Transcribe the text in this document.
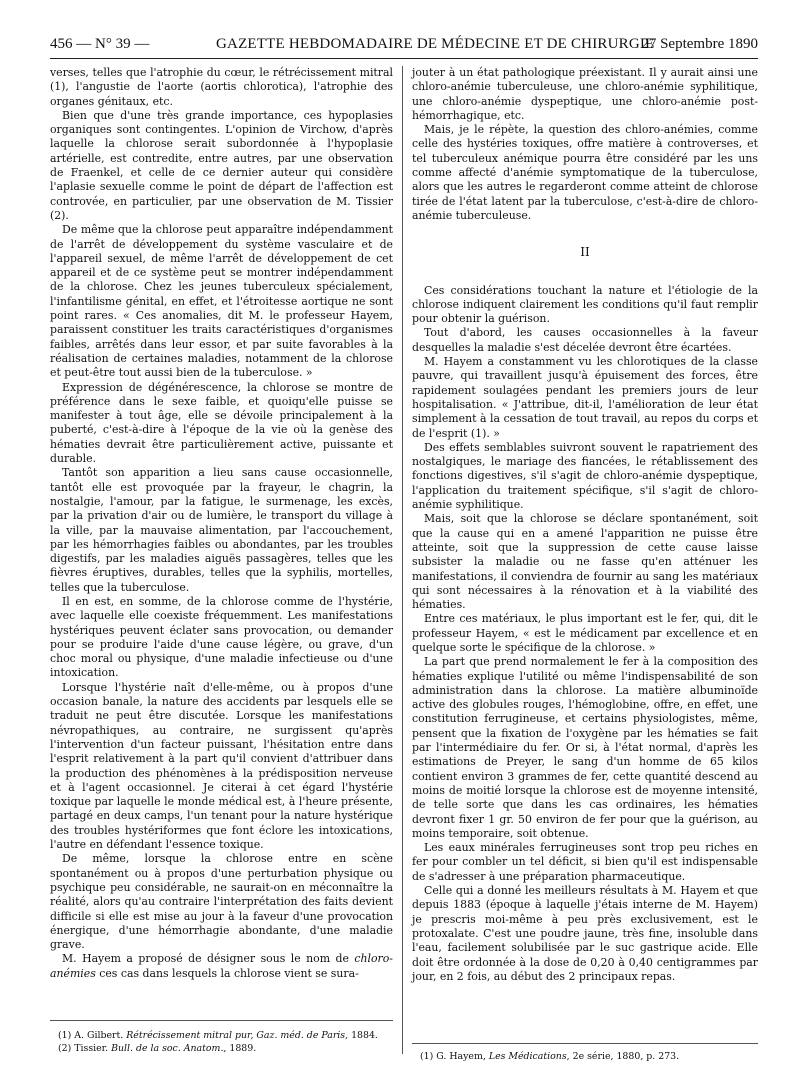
456 — N° 39 —	GAZETTE HEBDOMADAIRE DE MÉDECINE ET DE CHIRURGIE
27 Septembre 1890

verses, telles que l'atrophie du cœur, le rétrécissement mitral (1), l'angustie de l'aorte (aortis chlorotica), l'atrophie des organes génitaux, etc.

Bien que d'une très grande importance, ces hypoplasies organiques sont contingentes. L'opinion de Virchow, d'après laquelle la chlorose serait subordonnée à l'hypoplasie artérielle, est contredite, entre autres, par une observation de Fraenkel, et celle de ce dernier auteur qui considère l'aplasie sexuelle comme le point de départ de l'affection est controvée, en particulier, par une observation de M. Tissier (2).

De même que la chlorose peut apparaître indépendamment de l'arrêt de développement du système vasculaire et de l'appareil sexuel, de même l'arrêt de développement de cet appareil et de ce système peut se montrer indépendamment de la chlorose. Chez les jeunes tuberculeux spécialement, l'infantilisme génital, en effet, et l'étroitesse aortique ne sont point rares. « Ces anomalies, dit M. le professeur Hayem, paraissent constituer les traits caractéristiques d'organismes faibles, arrêtés dans leur essor, et par suite favorables à la réalisation de certaines maladies, notamment de la chlorose et peut-être tout aussi bien de la tuberculose. »

Expression de dégénérescence, la chlorose se montre de préférence dans le sexe faible, et quoiqu'elle puisse se manifester à tout âge, elle se dévoile principalement à la puberté, c'est-à-dire à l'époque de la vie où la genèse des hématies devrait être particulièrement active, puissante et durable.

Tantôt son apparition a lieu sans cause occasionnelle, tantôt elle est provoquée par la frayeur, le chagrin, la nostalgie, l'amour, par la fatigue, le surmenage, les excès, par la privation d'air ou de lumière, le transport du village à la ville, par la mauvaise alimentation, par l'accouchement, par les hémorrhagies faibles ou abondantes, par les troubles digestifs, par les maladies aiguës passagères, telles que les fièvres éruptives, durables, telles que la syphilis, mortelles, telles que la tuberculose.

Il en est, en somme, de la chlorose comme de l'hystérie, avec laquelle elle coexiste fréquemment. Les manifestations hystériques peuvent éclater sans provocation, ou demander pour se produire l'aide d'une cause légère, ou grave, d'un choc moral ou physique, d'une maladie infectieuse ou d'une intoxication.

Lorsque l'hystérie naît d'elle-même, ou à propos d'une occasion banale, la nature des accidents par lesquels elle se traduit ne peut être discutée. Lorsque les manifestations névropathiques, au contraire, ne surgissent qu'après l'intervention d'un facteur puissant, l'hésitation entre dans l'esprit relativement à la part qu'il convient d'attribuer dans la production des phénomènes à la prédisposition nerveuse et à l'agent occasionnel. Je citerai à cet égard l'hystérie toxique par laquelle le monde médical est, à l'heure présente, partagé en deux camps, l'un tenant pour la nature hystérique des troubles hystériformes que font éclore les intoxications, l'autre en défendant l'essence toxique.

De même, lorsque la chlorose entre en scène spontanément ou à propos d'une perturbation physique ou psychique peu considérable, ne saurait-on en méconnaître la réalité, alors qu'au contraire l'interprétation des faits devient difficile si elle est mise au jour à la faveur d'une provocation énergique, d'une hémorrhagie abondante, d'une maladie grave.

M. Hayem a proposé de désigner sous le nom de chloro-anémies ces cas dans lesquels la chlorose vient se sura-

jouter à un état pathologique préexistant. Il y aurait ainsi une chloro-anémie tuberculeuse, une chloro-anémie syphilitique, une chloro-anémie dyspeptique, une chloro-anémie post-hémorrhagique, etc.

Mais, je le répète, la question des chloro-anémies, comme celle des hystéries toxiques, offre matière à controverses, et tel tuberculeux anémique pourra être considéré par les uns comme affecté d'anémie symptomatique de la tuberculose, alors que les autres le regarderont comme atteint de chlorose tirée de l'état latent par la tuberculose, c'est-à-dire de chloro-anémie tuberculeuse.

II

Ces considérations touchant la nature et l'étiologie de la chlorose indiquent clairement les conditions qu'il faut remplir pour obtenir la guérison.

Tout d'abord, les causes occasionnelles à la faveur desquelles la maladie s'est décelée devront être écartées.

M. Hayem a constamment vu les chlorotiques de la classe pauvre, qui travaillent jusqu'à épuisement des forces, être rapidement soulagées pendant les premiers jours de leur hospitalisation. « J'attribue, dit-il, l'amélioration de leur état simplement à la cessation de tout travail, au repos du corps et de l'esprit (1). »

Des effets semblables suivront souvent le rapatriement des nostalgiques, le mariage des fiancées, le rétablissement des fonctions digestives, s'il s'agit de chloro-anémie dyspeptique, l'application du traitement spécifique, s'il s'agit de chloro-anémie syphilitique.

Mais, soit que la chlorose se déclare spontanément, soit que la cause qui en a amené l'apparition ne puisse être atteinte, soit que la suppression de cette cause laisse subsister la maladie ou ne fasse qu'en atténuer les manifestations, il conviendra de fournir au sang les matériaux qui sont nécessaires à la rénovation et à la viabilité des hématies.

Entre ces matériaux, le plus important est le fer, qui, dit le professeur Hayem, « est le médicament par excellence et en quelque sorte le spécifique de la chlorose. »

La part que prend normalement le fer à la composition des hématies explique l'utilité ou même l'indispensabilité de son administration dans la chlorose. La matière albuminoïde active des globules rouges, l'hémoglobine, offre, en effet, une constitution ferrugineuse, et certains physiologistes, même, pensent que la fixation de l'oxygène par les hématies se fait par l'intermédiaire du fer. Or si, à l'état normal, d'après les estimations de Preyer, le sang d'un homme de 65 kilos contient environ 3 grammes de fer, cette quantité descend au moins de moitié lorsque la chlorose est de moyenne intensité, de telle sorte que dans les cas ordinaires, les hématies devront fixer 1 gr. 50 environ de fer pour que la guérison, au moins temporaire, soit obtenue.

Les eaux minérales ferrugineuses sont trop peu riches en fer pour combler un tel déficit, si bien qu'il est indispensable de s'adresser à une préparation pharmaceutique.

Celle qui a donné les meilleurs résultats à M. Hayem et que depuis 1883 (époque à laquelle j'étais interne de M. Hayem) je prescris moi-même à peu près exclusivement, est le protoxalate. C'est une poudre jaune, très fine, insoluble dans l'eau, facilement solubilisée par le suc gastrique acide. Elle doit être ordonnée à la dose de 0,20 à 0,40 centigrammes par jour, en 2 fois, au début des 2 principaux repas.

(1) A. Gilbert. Rétrécissement mitral pur, Gaz. méd. de Paris, 1884.
(2) Tissier. Bull. de la soc. Anatom., 1889.
(1) G. Hayem, Les Médications, 2e série, 1880, p. 273.
